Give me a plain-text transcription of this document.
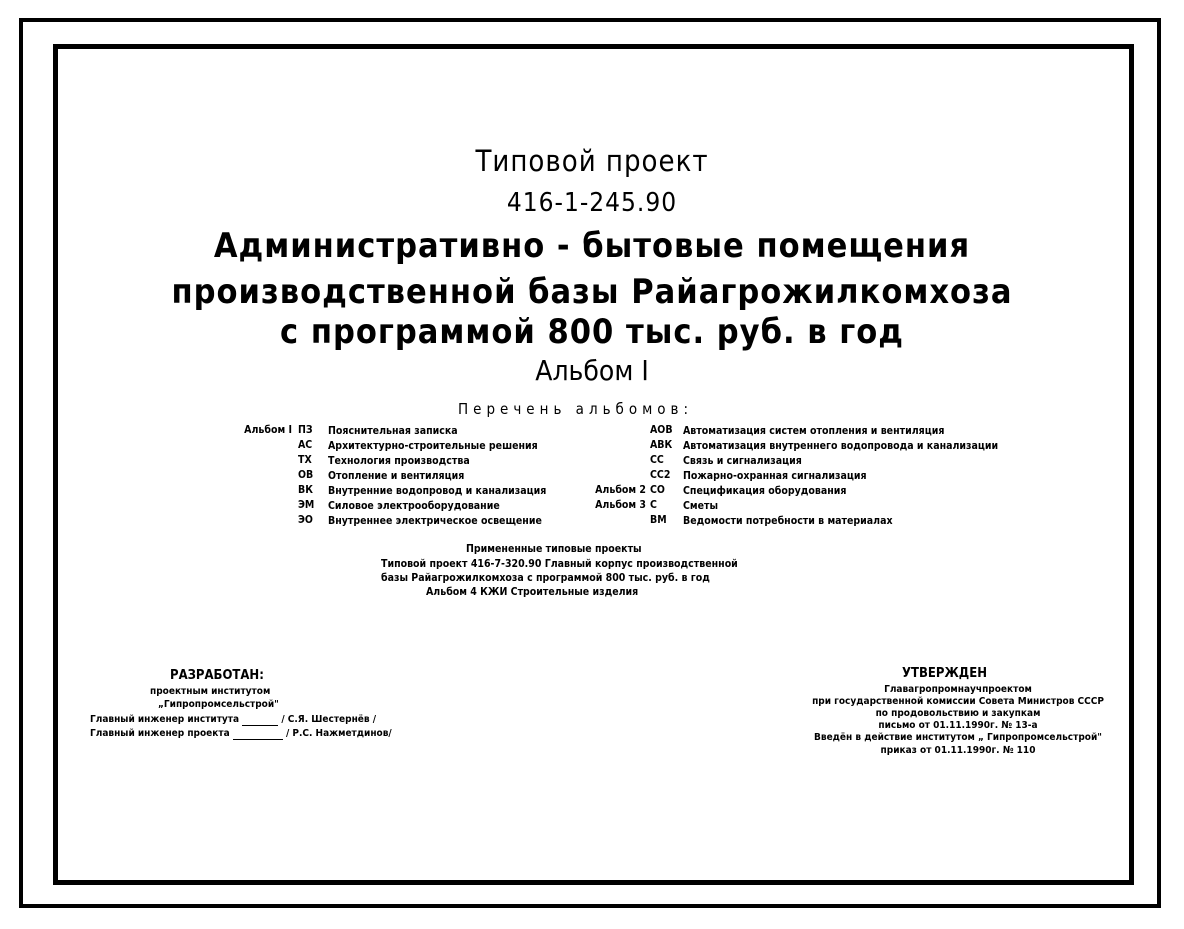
Типовой проект
416-1-245.90
Административно - бытовые помещения
производственной базы Райагрожилкомхоза
с программой 800 тыс. руб. в год
Альбом I
Перечень альбомов:
Альбом I ПЗ Пояснительная записка
АС Архитектурно-строительные решения
ТХ Технология производства
ОВ Отопление и вентиляция
ВК Внутренние водопровод и канализация
ЭМ Силовое электрооборудование
ЭО Внутреннее электрическое освещение
АОВ Автоматизация систем отопления и вентиляция
АВК Автоматизация внутреннего водопровода и канализации
СС Связь и сигнализация
СС2 Пожарно-охранная сигнализация
Альбом 2 СО Спецификация оборудования
Альбом 3 С Сметы
ВМ Ведомости потребности в материалах
Примененные типовые проекты
Типовой проект 416-7-320.90 Главный корпус производственной
базы Райагрожилкомхоза с программой 800 тыс. руб. в год
Альбом 4 КЖИ Строительные изделия
РАЗРАБОТАН:
проектным институтом
„Гипропромсельстрой"
Главный инженер института	/ С.Я. Шестернёв /
Главный инженер проекта	/ Р.С. Нажметдинов/
УТВЕРЖДЕН
Главагропромнаучпроектом
при государственной комиссии Совета Министров СССР
по продовольствию и закупкам
письмо от 01.11.1990г. № 13-а
Введён в действие институтом „ Гипропромсельстрой"
приказ от 01.11.1990г. № 110
